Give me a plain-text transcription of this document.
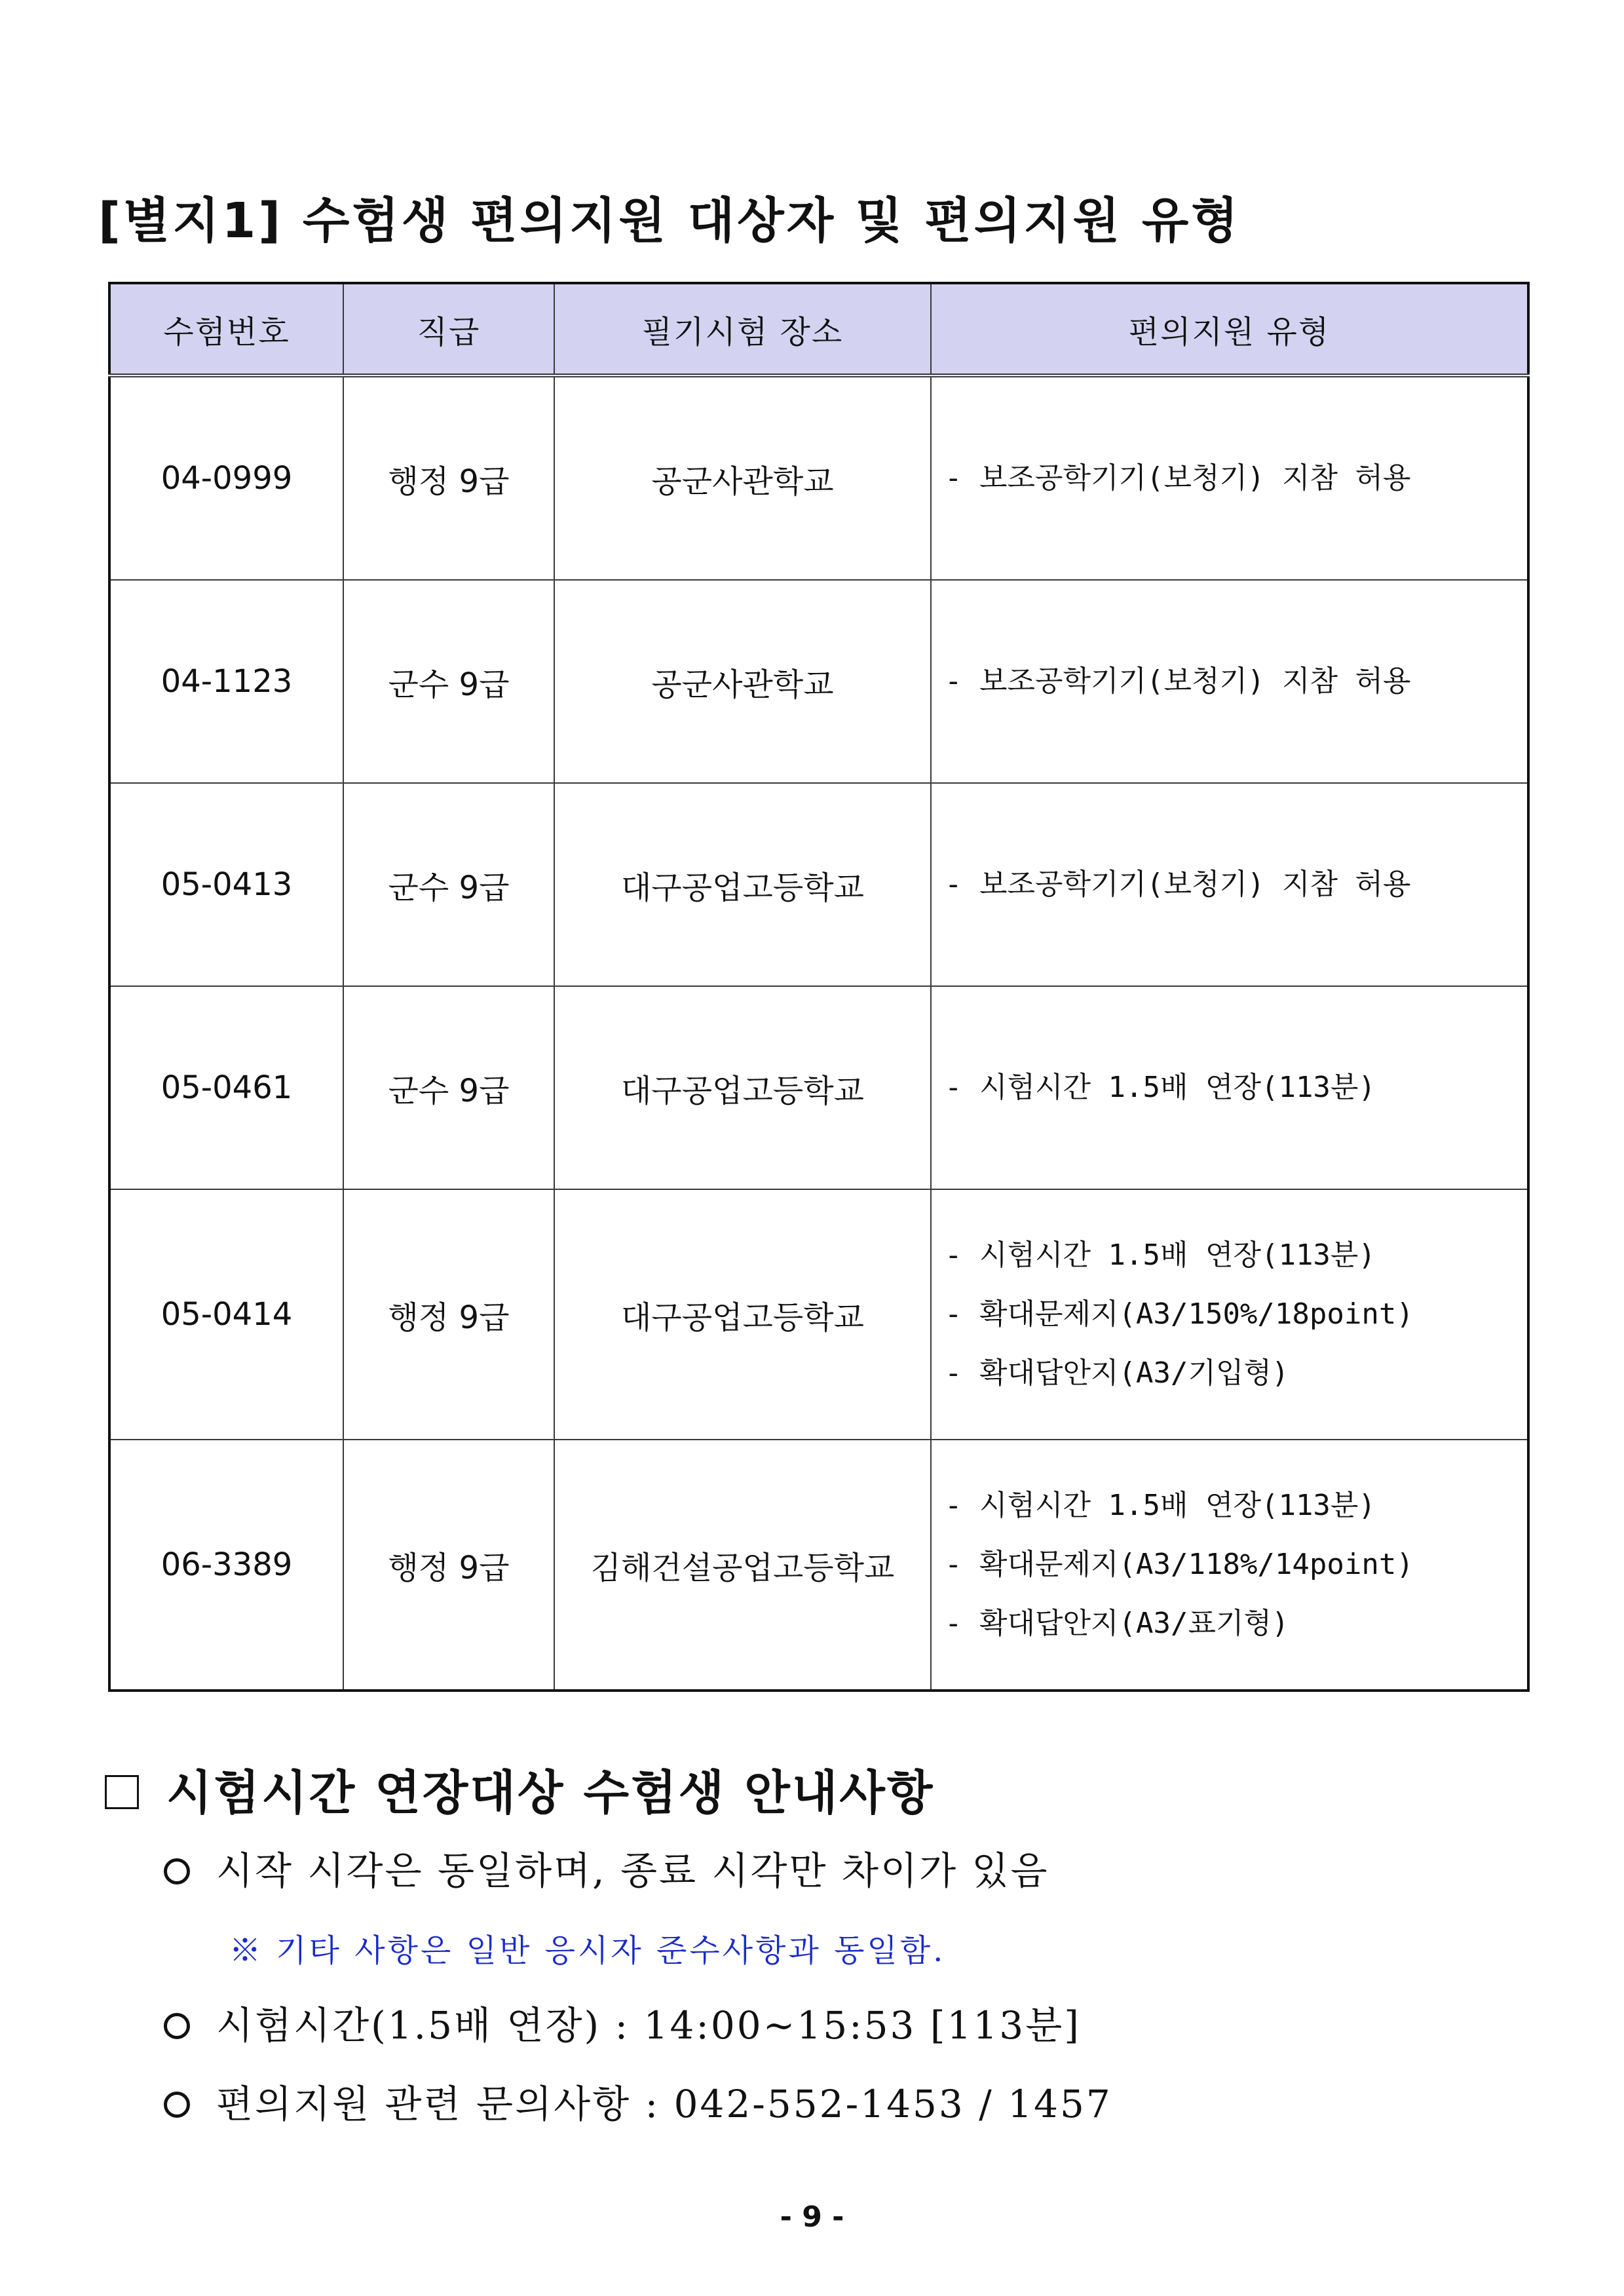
[별지1] 수험생 편의지원 대상자 및 편의지원 유형
수험번호	직급	필기시험 장소	편의지원 유형
04-0999	행정 9급	공군사관학교	- 보조공학기기(보청기) 지참 허용

04-1123	군수 9급	공군사관학교	- 보조공학기기(보청기) 지참 허용

05-0413	군수 9급	대구공업고등학교	- 보조공학기기(보청기) 지참 허용

05-0461	군수 9급	대구공업고등학교	- 시험시간 1.5배 연장(113분)

05-0414	행정 9급	대구공업고등학교	- 시험시간 1.5배 연장(113분)
- 확대문제지(A3/150%/18point)
- 확대답안지(A3/기입형)

06-3389	행정 9급	김해건설공업고등학교	- 시험시간 1.5배 연장(113분)
- 확대문제지(A3/118%/14point)
- 확대답안지(A3/표기형)
시험시간 연장대상 수험생 안내사항
시작 시각은 동일하며, 종료 시각만 차이가 있음
※ 기타 사항은 일반 응시자 준수사항과 동일함.
시험시간(1.5배 연장) : 14:00~15:53 [113분]
편의지원 관련 문의사항 : 042-552-1453 / 1457
- 9 -
